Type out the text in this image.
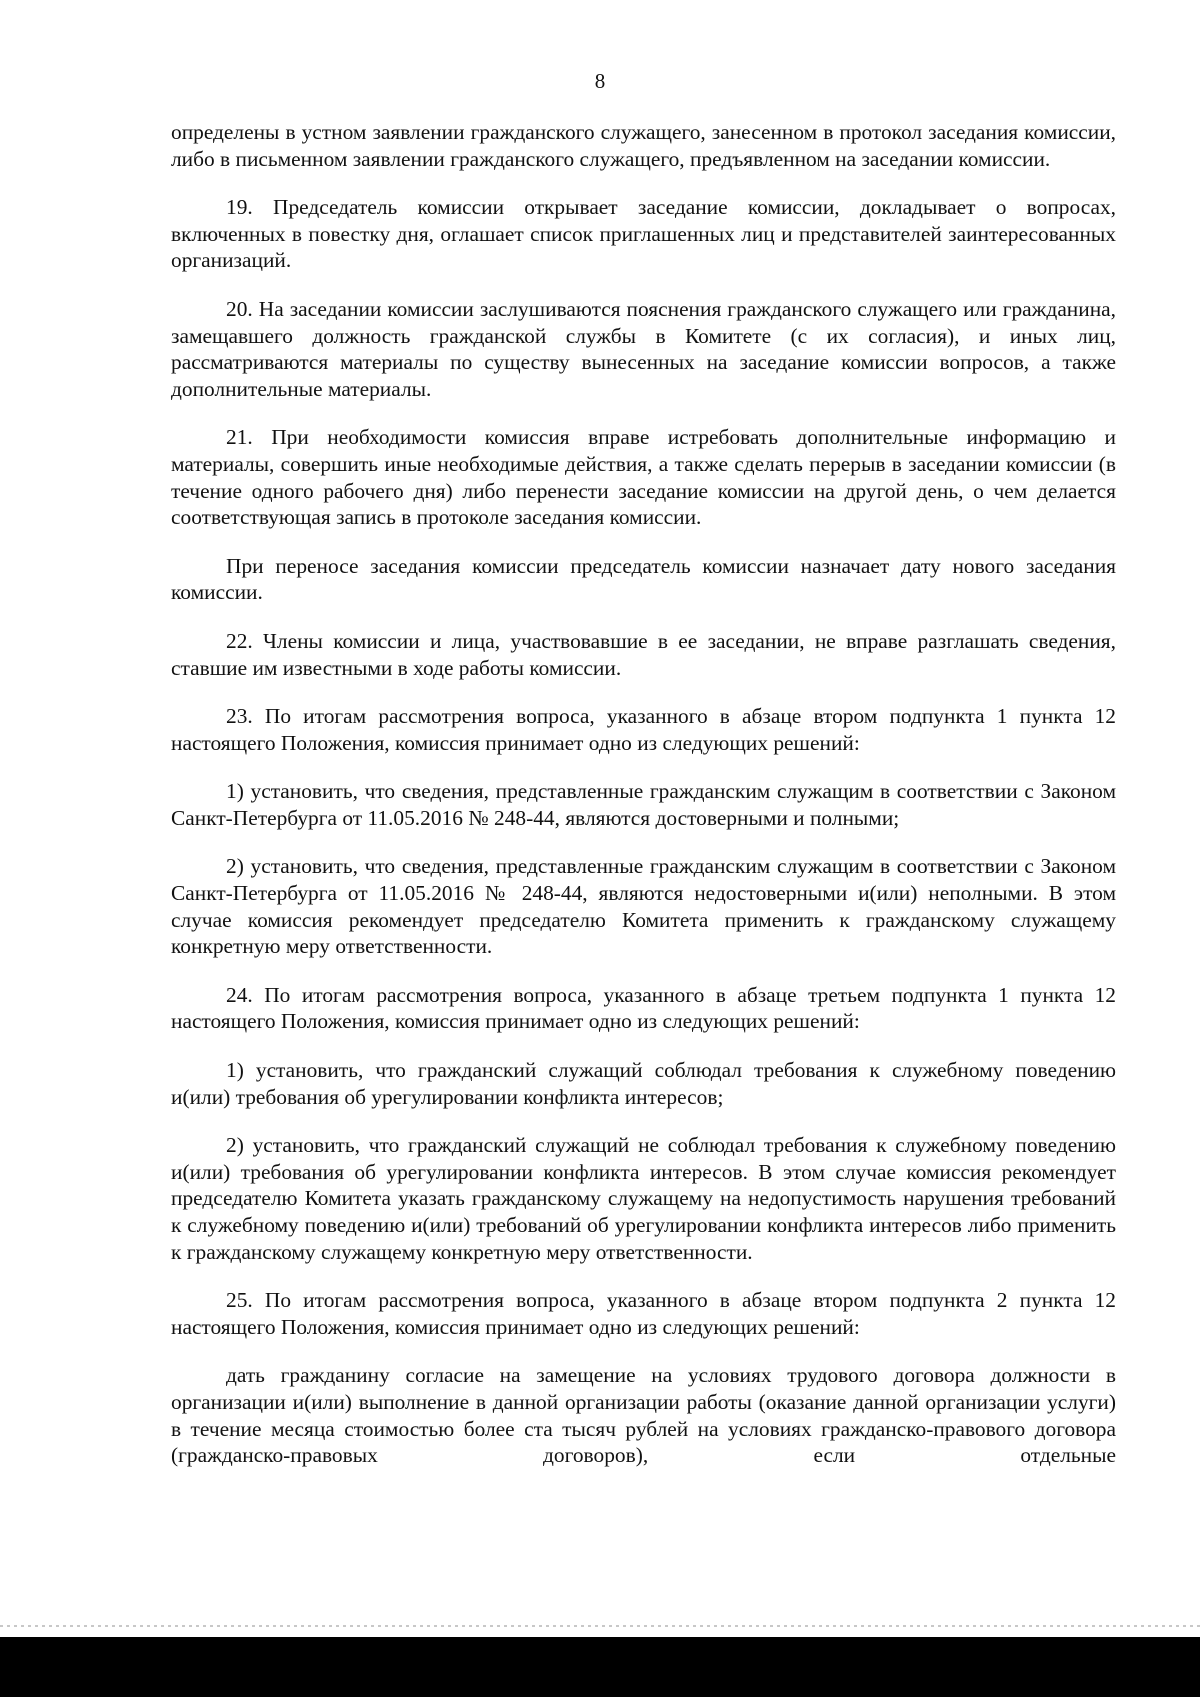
8

определены в устном заявлении гражданского служащего, занесенном в протокол заседания комиссии, либо в письменном заявлении гражданского служащего, предъявленном на заседании комиссии.

19. Председатель комиссии открывает заседание комиссии, докладывает о вопросах, включенных в повестку дня, оглашает список приглашенных лиц и представителей заинтересованных организаций.

20. На заседании комиссии заслушиваются пояснения гражданского служащего или гражданина, замещавшего должность гражданской службы в Комитете (с их согласия), и иных лиц, рассматриваются материалы по существу вынесенных на заседание комиссии вопросов, а также дополнительные материалы.

21. При необходимости комиссия вправе истребовать дополнительные информацию и материалы, совершить иные необходимые действия, а также сделать перерыв в заседании комиссии (в течение одного рабочего дня) либо перенести заседание комиссии на другой день, о чем делается соответствующая запись в протоколе заседания комиссии.

При переносе заседания комиссии председатель комиссии назначает дату нового заседания комиссии.

22. Члены комиссии и лица, участвовавшие в ее заседании, не вправе разглашать сведения, ставшие им известными в ходе работы комиссии.

23. По итогам рассмотрения вопроса, указанного в абзаце втором подпункта 1 пункта 12 настоящего Положения, комиссия принимает одно из следующих решений:

1) установить, что сведения, представленные гражданским служащим в соответствии с Законом Санкт-Петербурга от 11.05.2016 № 248-44, являются достоверными и полными;

2) установить, что сведения, представленные гражданским служащим в соответствии с Законом Санкт-Петербурга от 11.05.2016 № 248-44, являются недостоверными и(или) неполными. В этом случае комиссия рекомендует председателю Комитета применить к гражданскому служащему конкретную меру ответственности.

24. По итогам рассмотрения вопроса, указанного в абзаце третьем подпункта 1 пункта 12 настоящего Положения, комиссия принимает одно из следующих решений:

1) установить, что гражданский служащий соблюдал требования к служебному поведению и(или) требования об урегулировании конфликта интересов;

2) установить, что гражданский служащий не соблюдал требования к служебному поведению и(или) требования об урегулировании конфликта интересов. В этом случае комиссия рекомендует председателю Комитета указать гражданскому служащему на недопустимость нарушения требований к служебному поведению и(или) требований об урегулировании конфликта интересов либо применить к гражданскому служащему конкретную меру ответственности.

25. По итогам рассмотрения вопроса, указанного в абзаце втором подпункта 2 пункта 12 настоящего Положения, комиссия принимает одно из следующих решений:

дать гражданину согласие на замещение на условиях трудового договора должности в организации и(или) выполнение в данной организации работы (оказание данной организации услуги) в течение месяца стоимостью более ста тысяч рублей на условиях гражданско-правового договора (гражданско-правовых договоров), если отдельные
